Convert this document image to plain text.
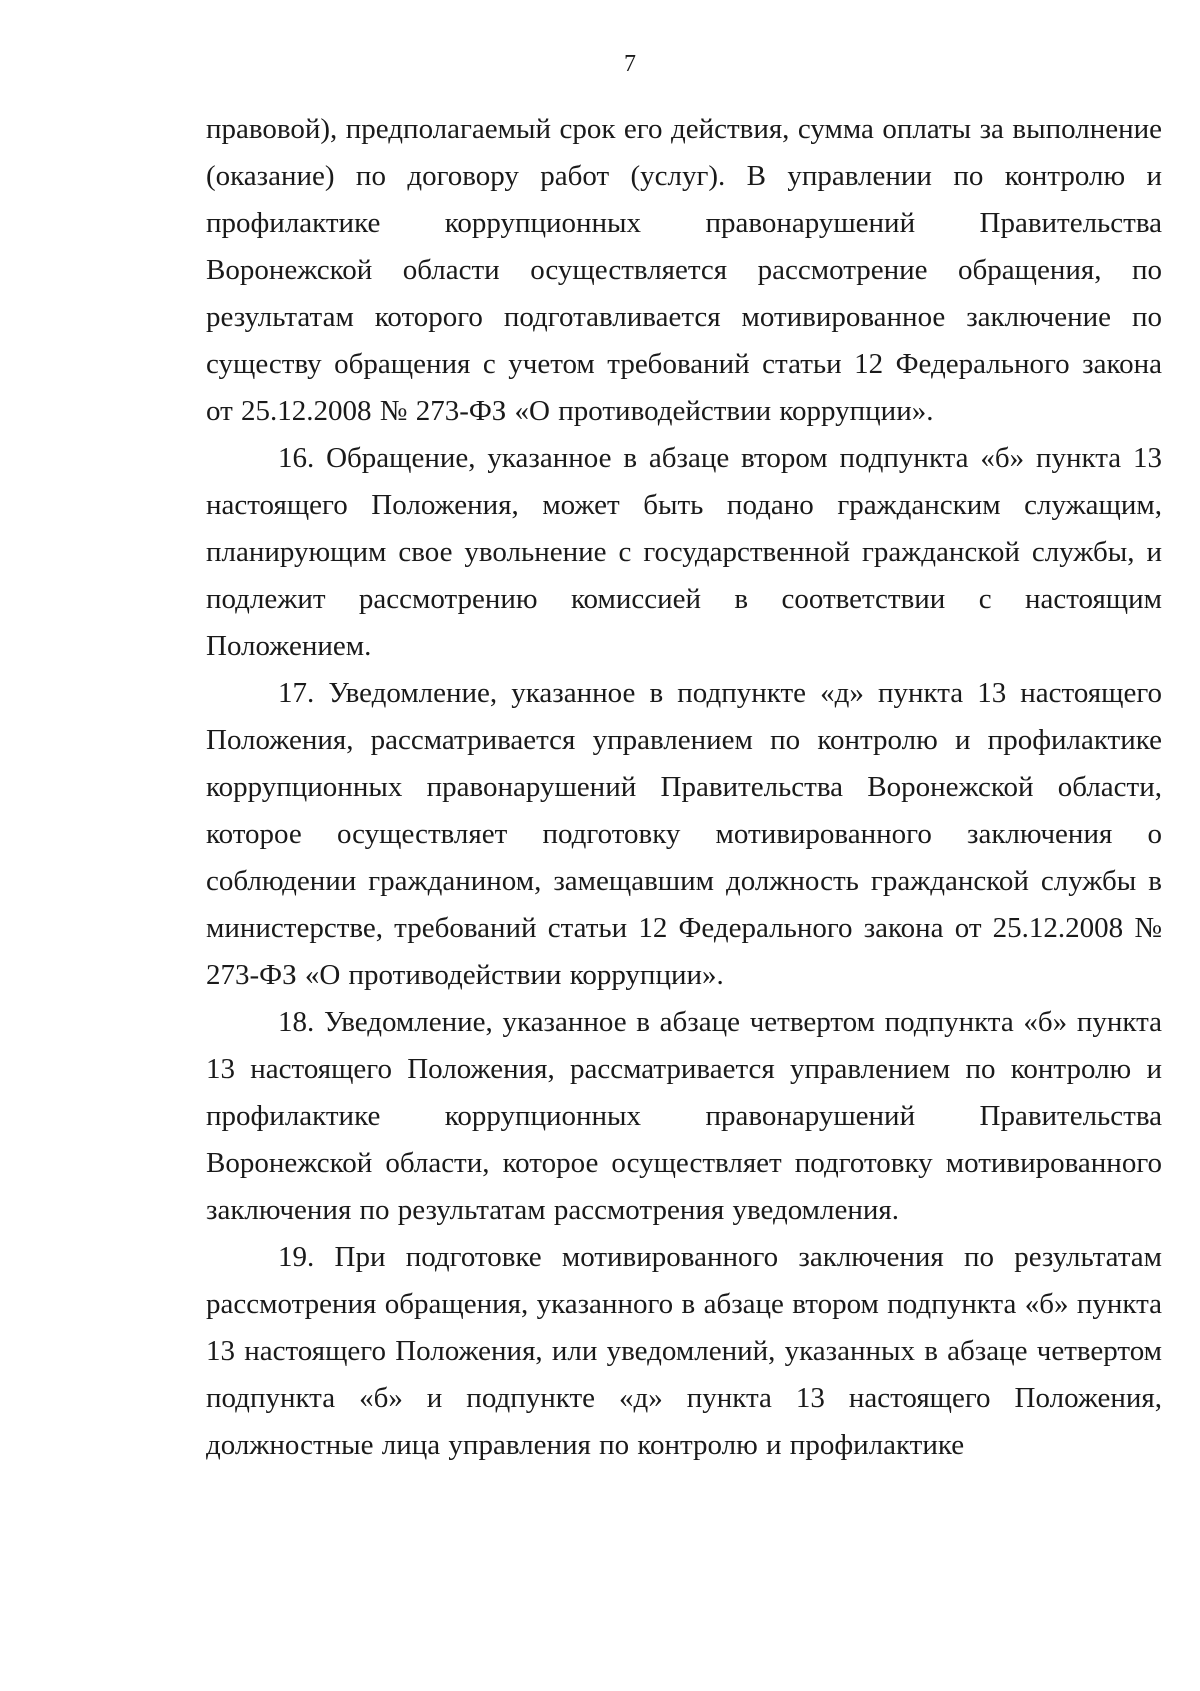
7

правовой), предполагаемый срок его действия, сумма оплаты за выполнение (оказание) по договору работ (услуг). В управлении по контролю и профилактике коррупционных правонарушений Правительства Воронежской области осуществляется рассмотрение обращения, по результатам которого подготавливается мотивированное заключение по существу обращения с учетом требований статьи 12 Федерального закона от 25.12.2008 № 273-ФЗ «О противодействии коррупции».

16. Обращение, указанное в абзаце втором подпункта «б» пункта 13 настоящего Положения, может быть подано гражданским служащим, планирующим свое увольнение с государственной гражданской службы, и подлежит рассмотрению комиссией в соответствии с настоящим Положением.

17. Уведомление, указанное в подпункте «д» пункта 13 настоящего Положения, рассматривается управлением по контролю и профилактике коррупционных правонарушений Правительства Воронежской области, которое осуществляет подготовку мотивированного заключения о соблюдении гражданином, замещавшим должность гражданской службы в министерстве, требований статьи 12 Федерального закона от 25.12.2008 № 273-ФЗ «О противодействии коррупции».

18. Уведомление, указанное в абзаце четвертом подпункта «б» пункта 13 настоящего Положения, рассматривается управлением по контролю и профилактике коррупционных правонарушений Правительства Воронежской области, которое осуществляет подготовку мотивированного заключения по результатам рассмотрения уведомления.

19. При подготовке мотивированного заключения по результатам рассмотрения обращения, указанного в абзаце втором подпункта «б» пункта 13 настоящего Положения, или уведомлений, указанных в абзаце четвертом подпункта «б» и подпункте «д» пункта 13 настоящего Положения, должностные лица управления по контролю и профилактике
